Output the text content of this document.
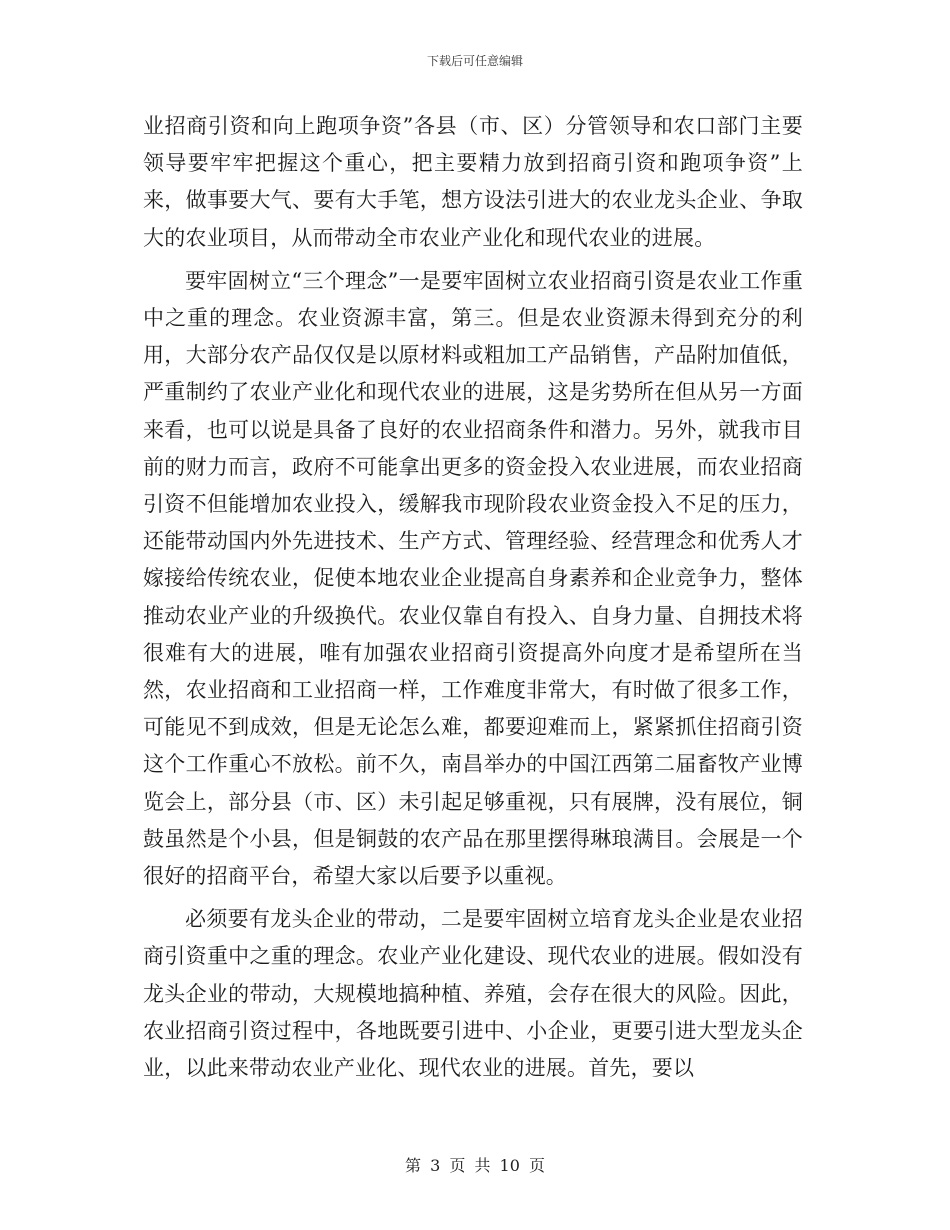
下载后可任意编辑

业招商引资和向上跑项争资”各县（市、区）分管领导和农口部门主要领导要牢牢把握这个重心，把主要精力放到招商引资和跑项争资”上来，做事要大气、要有大手笔，想方设法引进大的农业龙头企业、争取大的农业项目，从而带动全市农业产业化和现代农业的进展。

要牢固树立“三个理念”一是要牢固树立农业招商引资是农业工作重中之重的理念。农业资源丰富，第三。但是农业资源未得到充分的利用，大部分农产品仅仅是以原材料或粗加工产品销售，产品附加值低，严重制约了农业产业化和现代农业的进展，这是劣势所在但从另一方面来看，也可以说是具备了良好的农业招商条件和潜力。另外，就我市目前的财力而言，政府不可能拿出更多的资金投入农业进展，而农业招商引资不但能增加农业投入，缓解我市现阶段农业资金投入不足的压力，还能带动国内外先进技术、生产方式、管理经验、经营理念和优秀人才嫁接给传统农业，促使本地农业企业提高自身素养和企业竞争力，整体推动农业产业的升级换代。农业仅靠自有投入、自身力量、自拥技术将很难有大的进展，唯有加强农业招商引资提高外向度才是希望所在当然，农业招商和工业招商一样，工作难度非常大，有时做了很多工作，可能见不到成效，但是无论怎么难，都要迎难而上，紧紧抓住招商引资这个工作重心不放松。前不久，南昌举办的中国江西第二届畜牧产业博览会上，部分县（市、区）未引起足够重视，只有展牌，没有展位，铜鼓虽然是个小县，但是铜鼓的农产品在那里摆得琳琅满目。会展是一个很好的招商平台，希望大家以后要予以重视。

必须要有龙头企业的带动，二是要牢固树立培育龙头企业是农业招商引资重中之重的理念。农业产业化建设、现代农业的进展。假如没有龙头企业的带动，大规模地搞种植、养殖，会存在很大的风险。因此，农业招商引资过程中，各地既要引进中、小企业，更要引进大型龙头企业，以此来带动农业产业化、现代农业的进展。首先，要以

第 3 页 共 10 页
